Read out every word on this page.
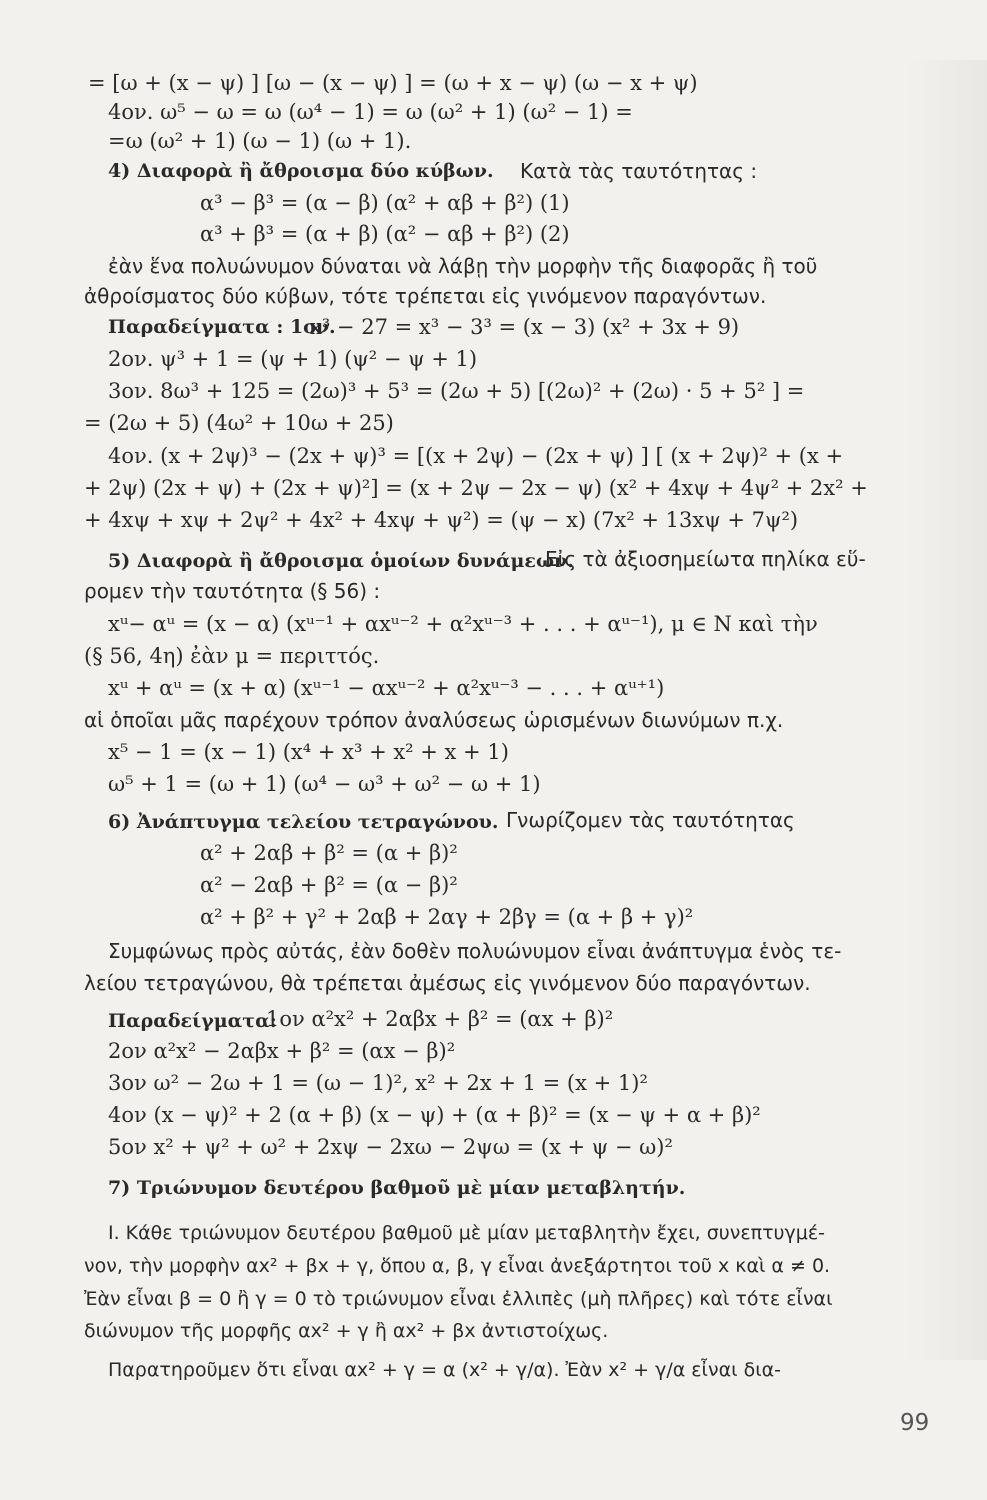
= [ω + (x − ψ) ] [ω − (x − ψ) ] = (ω + x − ψ) (ω − x + ψ)
4ον. ω⁵ − ω = ω (ω⁴ − 1) = ω (ω² + 1) (ω² − 1) =
=ω (ω² + 1) (ω − 1) (ω + 1).
4) Διαφορὰ ἢ ἄθροισμα δύο κύβων. Κατὰ τὰς ταυτότητας :
α³ − β³ = (α − β) (α² + αβ + β²) (1)
α³ + β³ = (α + β) (α² − αβ + β²) (2)
ἐὰν ἕνα πολυώνυμον δύναται νὰ λάβῃ τὴν μορφὴν τῆς διαφορᾶς ἢ τοῦ
ἀθροίσματος δύο κύβων, τότε τρέπεται εἰς γινόμενον παραγόντων.
Παραδείγματα : 1ον.
x³ − 27 = x³ − 3³ = (x − 3) (x² + 3x + 9)
2ον. ψ³ + 1 = (ψ + 1) (ψ² − ψ + 1)
3ον. 8ω³ + 125 = (2ω)³ + 5³ = (2ω + 5) [(2ω)² + (2ω) · 5 + 5² ] =
= (2ω + 5) (4ω² + 10ω + 25)
4ον. (x + 2ψ)³ − (2x + ψ)³ = [(x + 2ψ) − (2x + ψ) ] [ (x + 2ψ)² + (x +
+ 2ψ) (2x + ψ) + (2x + ψ)²] = (x + 2ψ − 2x − ψ) (x² + 4xψ + 4ψ² + 2x² +
+ 4xψ + xψ + 2ψ² + 4x² + 4xψ + ψ²) = (ψ − x) (7x² + 13xψ + 7ψ²)
5) Διαφορὰ ἢ ἄθροισμα ὁμοίων δυνάμεων.
Εἰς τὰ ἀξιοσημείωτα πηλίκα εὕ-
ρομεν τὴν ταυτότητα (§ 56) :
xᵘ− αᵘ = (x − α) (xᵘ⁻¹ + αxᵘ⁻² + α²xᵘ⁻³ + . . . + αᵘ⁻¹), μ ∈ N καὶ τὴν
(§ 56, 4η) ἐὰν μ = περιττός.
xᵘ + αᵘ = (x + α) (xᵘ⁻¹ − αxᵘ⁻² + α²xᵘ⁻³ − . . . + αᵘ⁺¹)
αἱ ὁποῖαι μᾶς παρέχουν τρόπον ἀναλύσεως ὡρισμένων διωνύμων π.χ.
x⁵ − 1 = (x − 1) (x⁴ + x³ + x² + x + 1)
ω⁵ + 1 = (ω + 1) (ω⁴ − ω³ + ω² − ω + 1)
6) Ἀνάπτυγμα τελείου τετραγώνου. Γνωρίζομεν τὰς ταυτότητας
α² + 2αβ + β² = (α + β)²
α² − 2αβ + β² = (α − β)²
α² + β² + γ² + 2αβ + 2αγ + 2βγ = (α + β + γ)²
Συμφώνως πρὸς αὐτάς, ἐὰν δοθὲν πολυώνυμον εἶναι ἀνάπτυγμα ἑνὸς τε-
λείου τετραγώνου, θὰ τρέπεται ἀμέσως εἰς γινόμενον δύο παραγόντων.
Παραδείγματα:
1ον α²x² + 2αβx + β² = (αx + β)²
2ον α²x² − 2αβx + β² = (αx − β)²
3ον ω² − 2ω + 1 = (ω − 1)², x² + 2x + 1 = (x + 1)²
4ον (x − ψ)² + 2 (α + β) (x − ψ) + (α + β)² = (x − ψ + α + β)²
5ον x² + ψ² + ω² + 2xψ − 2xω − 2ψω = (x + ψ − ω)²
7) Τριώνυμον δευτέρου βαθμοῦ μὲ μίαν μεταβλητήν.
I. Κάθε τριώνυμον δευτέρου βαθμοῦ μὲ μίαν μεταβλητὴν ἔχει, συνεπτυγμέ-
νον, τὴν μορφὴν αx² + βx + γ, ὅπου α, β, γ εἶναι ἀνεξάρτητοι τοῦ x καὶ α ≠ 0.
Ἐὰν εἶναι β = 0 ἢ γ = 0 τὸ τριώνυμον εἶναι ἐλλιπὲς (μὴ πλῆρες) καὶ τότε εἶναι
διώνυμον τῆς μορφῆς αx² + γ ἢ αx² + βx ἀντιστοίχως.
Παρατηροῦμεν ὅτι εἶναι αx² + γ = α (x² + γ/α). Ἐὰν x² + γ/α εἶναι δια-
99
